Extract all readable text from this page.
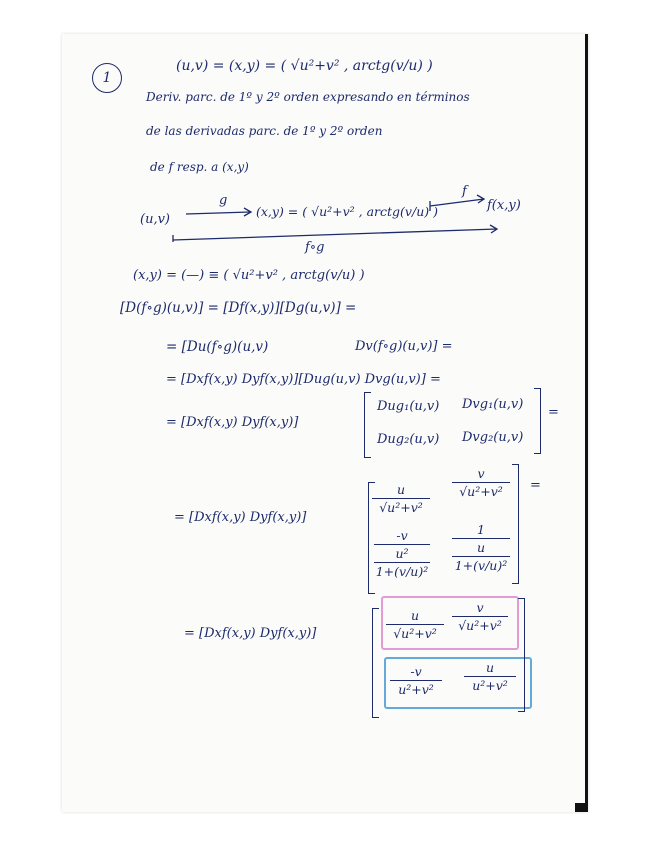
1
(u,v) = (x,y) = ( √u²+v² , arctg(v/u) )
Deriv. parc. de 1º y 2º orden expresando en términos
de las derivadas parc. de 1º y 2º orden
de f resp. a (x,y)
(u,v)
g
(x,y) = ( √u²+v² , arctg(v/u) )
f
f(x,y)
f∘g
(x,y) = (—) ≡ ( √u²+v² , arctg(v/u) )
[D(f∘g)(u,v)] = [Df(x,y)][Dg(u,v)] =
= [Du(f∘g)(u,v)	Dv(f∘g)(u,v)] =
= [Dxf(x,y) Dyf(x,y)][Dug(u,v) Dvg(u,v)] =
= [Dxf(x,y) Dyf(x,y)]
Dug₁(u,v) Dvg₁(u,v)
Dug₂(u,v) Dvg₂(u,v)
=
= [Dxf(x,y) Dyf(x,y)]
u
√u²+v²
v
√u²+v²
-v
u²
1+(v/u)²
1
u
1+(v/u)²
=
= [Dxf(x,y) Dyf(x,y)]
u
√u²+v²
v
√u²+v²
-v
u²+v²
u
u²+v²
